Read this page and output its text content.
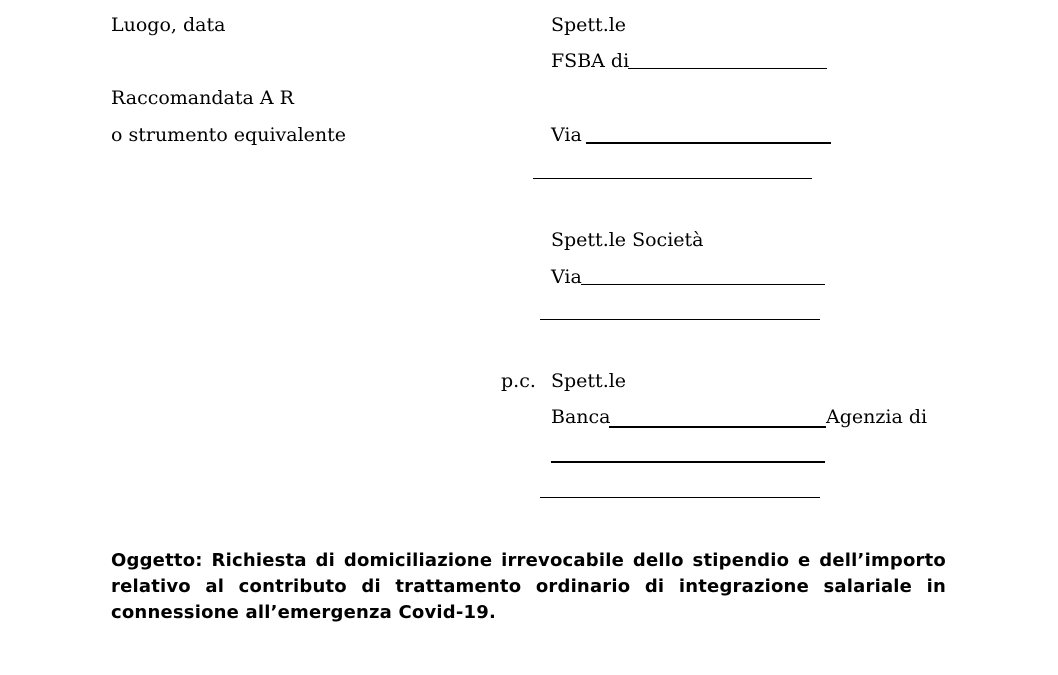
Luogo, data
Raccomandata A R
o strumento equivalente
Spett.le
FSBA di
Via
Spett.le Società
Via
p.c. Spett.le
Banca	Agenzia di
Oggetto: Richiesta di domiciliazione irrevocabile dello stipendio e dell’importo
relativo al contributo di trattamento ordinario di integrazione salariale in
connessione all’emergenza Covid-19.
